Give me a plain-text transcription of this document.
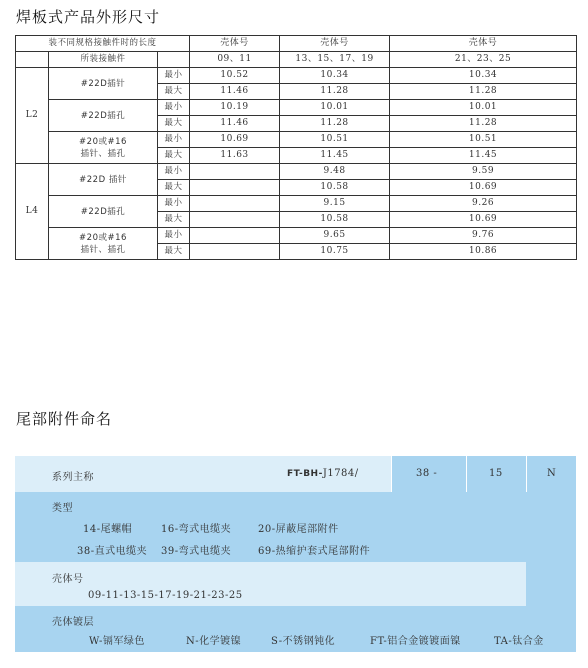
焊板式产品外形尺寸
装不同规格接触件时的长度			壳体号	壳体号	壳体号
	所装接触件		09、11	13、15、17、19	21、23、25
L2	#22D插针	最小	10.52	10.34	10.34
		最大	11.46	11.28	11.28
	#22D插孔	最小	10.19	10.01	10.01
		最大	11.46	11.28	11.28
	#20或#16
插针、插孔	最小	10.69	10.51	10.51
		最大	11.63	11.45	11.45
L4	#22D 插针	最小		9.48	9.59
		最大		10.58	10.69
	#22D插孔	最小		9.15	9.26
		最大		10.58	10.69
	#20或#16
插针、插孔	最小		9.65	9.76
		最大		10.75	10.86
尾部附件命名
系列主称	FT-BH-J1784/	38 -	15	N
类型
14-尾螺帽	16-弯式电缆夹	20-屏蔽尾部附件
38-直式电缆夹 39-弯式电缆夹	69-热缩护套式尾部附件
壳体号
09-11-13-15-17-19-21-23-25
壳体镀层
W-镉军绿色	N-化学镀镍	S-不锈钢钝化	FT-铝合金镀镀面镍	TA-钛合金
